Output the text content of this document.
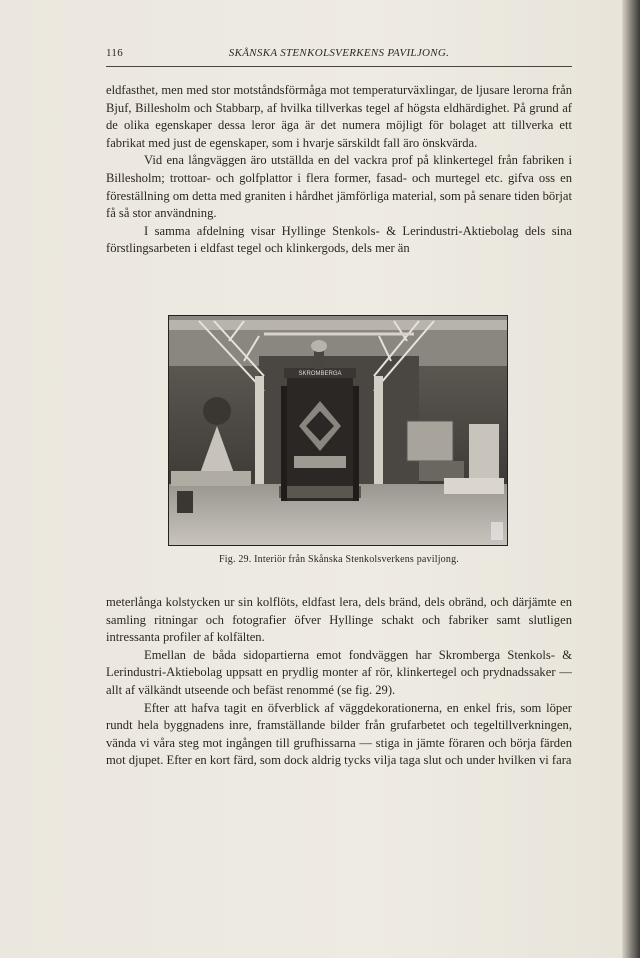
116	SKÅNSKA STENKOLSVERKENS PAVILJONG.

eldfasthet, men med stor motståndsförmåga mot temperaturväxlingar, de ljusare lerorna från Bjuf, Billesholm och Stabbarp, af hvilka tillverkas tegel af högsta eldhärdighet. På grund af de olika egenskaper dessa leror äga är det numera möjligt för bolaget att tillverka ett fabrikat med just de egenskaper, som i hvarje särskildt fall äro önskvärda.

Vid ena långväggen äro utställda en del vackra prof på klinkertegel från fabriken i Billesholm; trottoar- och golfplattor i flera former, fasad- och murtegel etc. gifva oss en föreställning om detta med graniten i hårdhet jämförliga material, som på senare tiden börjat få så stor användning.

I samma afdelning visar Hyllinge Stenkols- & Lerindustri-Aktiebolag dels sina förstlingsarbeten i eldfast tegel och klinkergods, dels mer än

SKROMBERGA
Fig. 29. Interiör från Skånska Stenkolsverkens paviljong.

meterlånga kolstycken ur sin kolflöts, eldfast lera, dels bränd, dels obränd, och därjämte en samling ritningar och fotografier öfver Hyllinge schakt och fabriker samt slutligen intressanta profiler af kolfälten.

Emellan de båda sidopartierna emot fondväggen har Skromberga Stenkols- & Lerindustri-Aktiebolag uppsatt en prydlig monter af rör, klinkertegel och prydnadssaker — allt af välkändt utseende och befäst renommé (se fig. 29).

Efter att hafva tagit en öfverblick af väggdekorationerna, en enkel fris, som löper rundt hela byggnadens inre, framställande bilder från grufarbetet och tegeltillverkningen, vända vi våra steg mot ingången till grufhissarna — stiga in jämte föraren och börja färden mot djupet. Efter en kort färd, som dock aldrig tycks vilja taga slut och under hvilken vi fara
